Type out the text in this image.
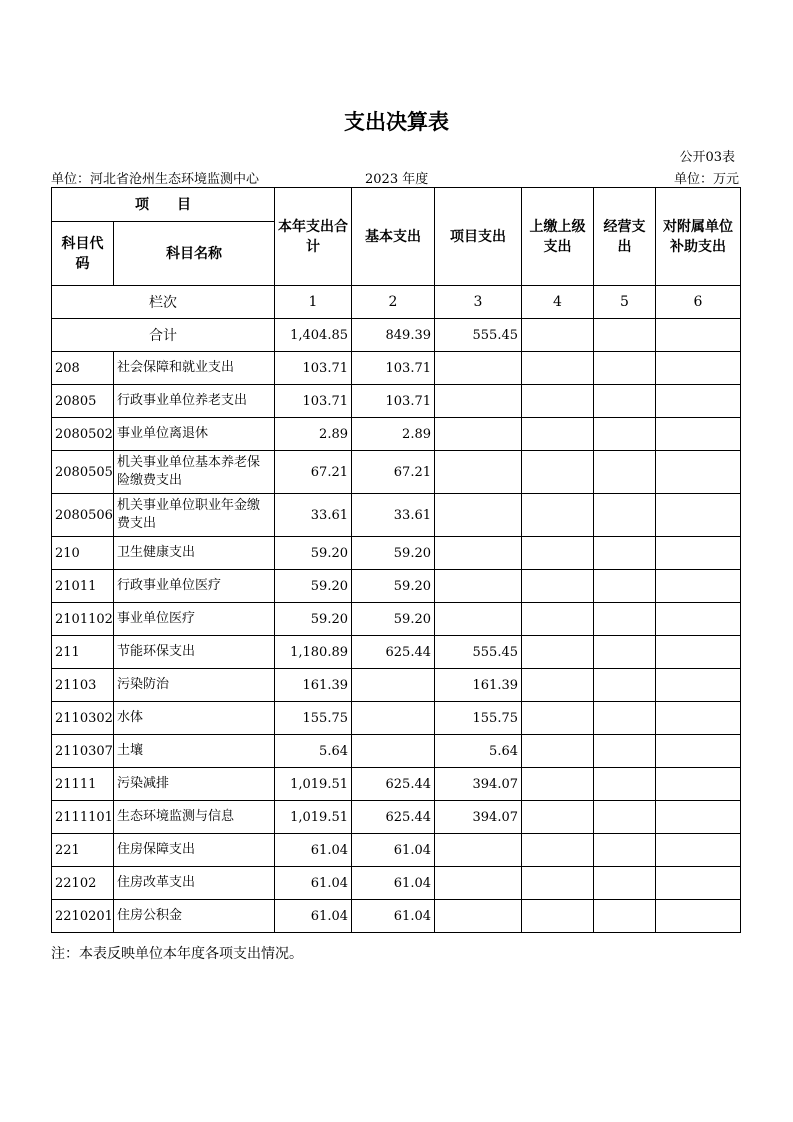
支出决算表
公开03表
单位：河北省沧州生态环境监测中心	2023 年度	单位：万元
项　　目		本年支出合计	基本支出	项目支出	上缴上级支出	经营支出	对附属单位补助支出
科目代码	科目名称						
栏次		1	2	3	4	5	6
合计		1,404.85	849.39	555.45			
208	社会保障和就业支出	103.71	103.71				
20805	行政事业单位养老支出	103.71	103.71				
2080502	事业单位离退休	2.89	2.89				
2080505	机关事业单位基本养老保险缴费支出	67.21	67.21				
2080506	机关事业单位职业年金缴费支出	33.61	33.61				
210	卫生健康支出	59.20	59.20				
21011	行政事业单位医疗	59.20	59.20				
2101102	事业单位医疗	59.20	59.20				
211	节能环保支出	1,180.89	625.44	555.45			
21103	污染防治	161.39		161.39			
2110302	水体	155.75		155.75			
2110307	土壤	5.64		5.64			
21111	污染减排	1,019.51	625.44	394.07			
2111101	生态环境监测与信息	1,019.51	625.44	394.07			
221	住房保障支出	61.04	61.04				
22102	住房改革支出	61.04	61.04				
2210201	住房公积金	61.04	61.04				
注：本表反映单位本年度各项支出情况。
